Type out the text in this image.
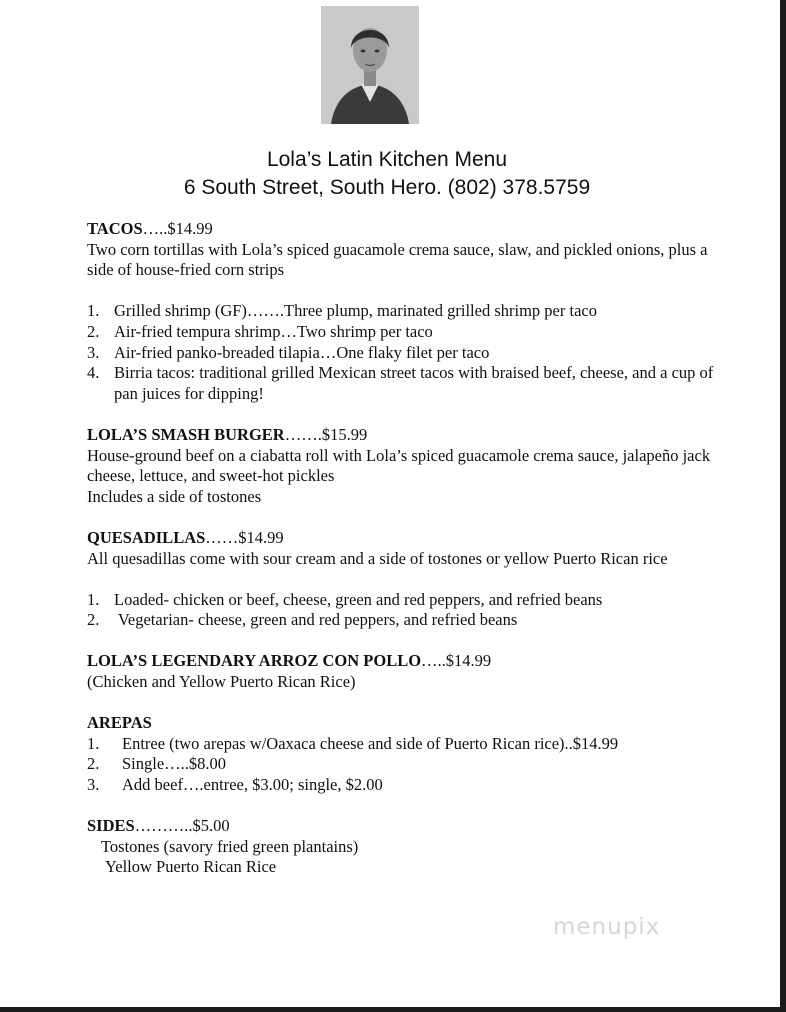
Lola’s Latin Kitchen Menu
6 South Street, South Hero. (802) 378.5759
TACOS…..$14.99
Two corn tortillas with Lola’s spiced guacamole crema sauce, slaw, and pickled onions, plus a side of house-fried corn strips
1. Grilled shrimp (GF)…….Three plump, marinated grilled shrimp per taco
2. Air-fried tempura shrimp…Two shrimp per taco
3. Air-fried panko-breaded tilapia…One flaky filet per taco
4. Birria tacos: traditional grilled Mexican street tacos with braised beef, cheese, and a cup of pan juices for dipping!
LOLA’S SMASH BURGER…….$15.99
House-ground beef on a ciabatta roll with Lola’s spiced guacamole crema sauce, jalapeño jack cheese, lettuce, and sweet-hot pickles
Includes a side of tostones
QUESADILLAS……$14.99
All quesadillas come with sour cream and a side of tostones or yellow Puerto Rican rice
1. Loaded- chicken or beef, cheese, green and red peppers, and refried beans
2. Vegetarian- cheese, green and red peppers, and refried beans
LOLA’S LEGENDARY ARROZ CON POLLO…..$14.99
(Chicken and Yellow Puerto Rican Rice)
AREPAS
1.	Entree (two arepas w/Oaxaca cheese and side of Puerto Rican rice)..$14.99
2.	Single…..$8.00
3.	Add beef….entree, $3.00; single, $2.00
SIDES………..$5.00
Tostones (savory fried green plantains)
Yellow Puerto Rican Rice
menupix
